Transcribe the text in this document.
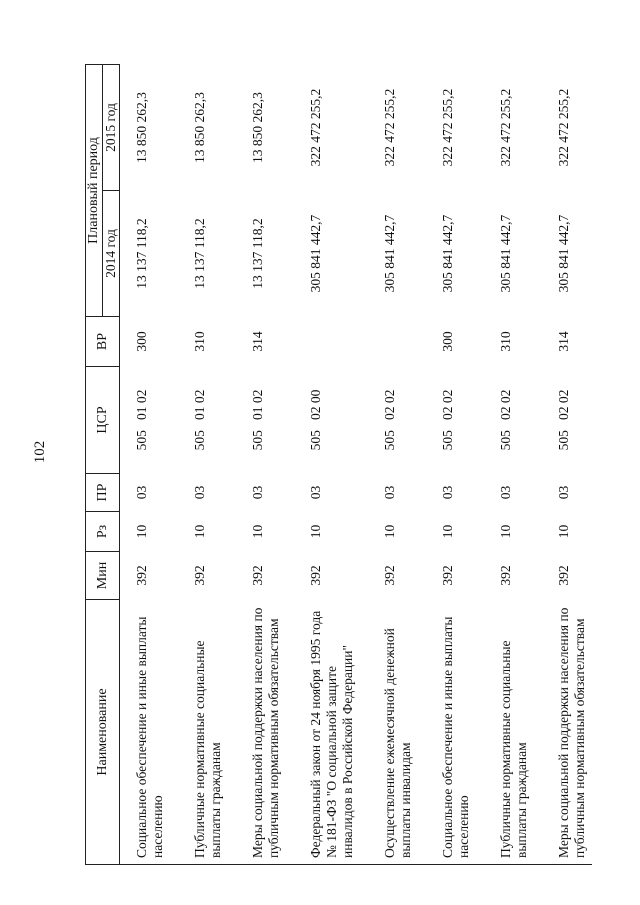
102
Наименование	Мин	Рз	ПР	ЦСР	ВР	Плановый период	
						2014 год	2015 год
Социальное обеспечение и иные выплаты населению	392	10	03	505   01 02	300	13 137 118,2	13 850 262,3
Публичные нормативные социальные выплаты гражданам	392	10	03	505   01 02	310	13 137 118,2	13 850 262,3
Меры социальной поддержки населения по публичным нормативным обязательствам	392	10	03	505   01 02	314	13 137 118,2	13 850 262,3
Федеральный закон от 24 ноября 1995 года № 181-ФЗ "О социальной защите инвалидов в Российской Федерации"	392	10	03	505   02 00		305 841 442,7	322 472 255,2
Осуществление ежемесячной денежной выплаты инвалидам	392	10	03	505   02 02		305 841 442,7	322 472 255,2
Социальное обеспечение и иные выплаты населению	392	10	03	505   02 02	300	305 841 442,7	322 472 255,2
Публичные нормативные социальные выплаты гражданам	392	10	03	505   02 02	310	305 841 442,7	322 472 255,2
Меры социальной поддержки населения по публичным нормативным обязательствам	392	10	03	505   02 02	314	305 841 442,7	322 472 255,2
